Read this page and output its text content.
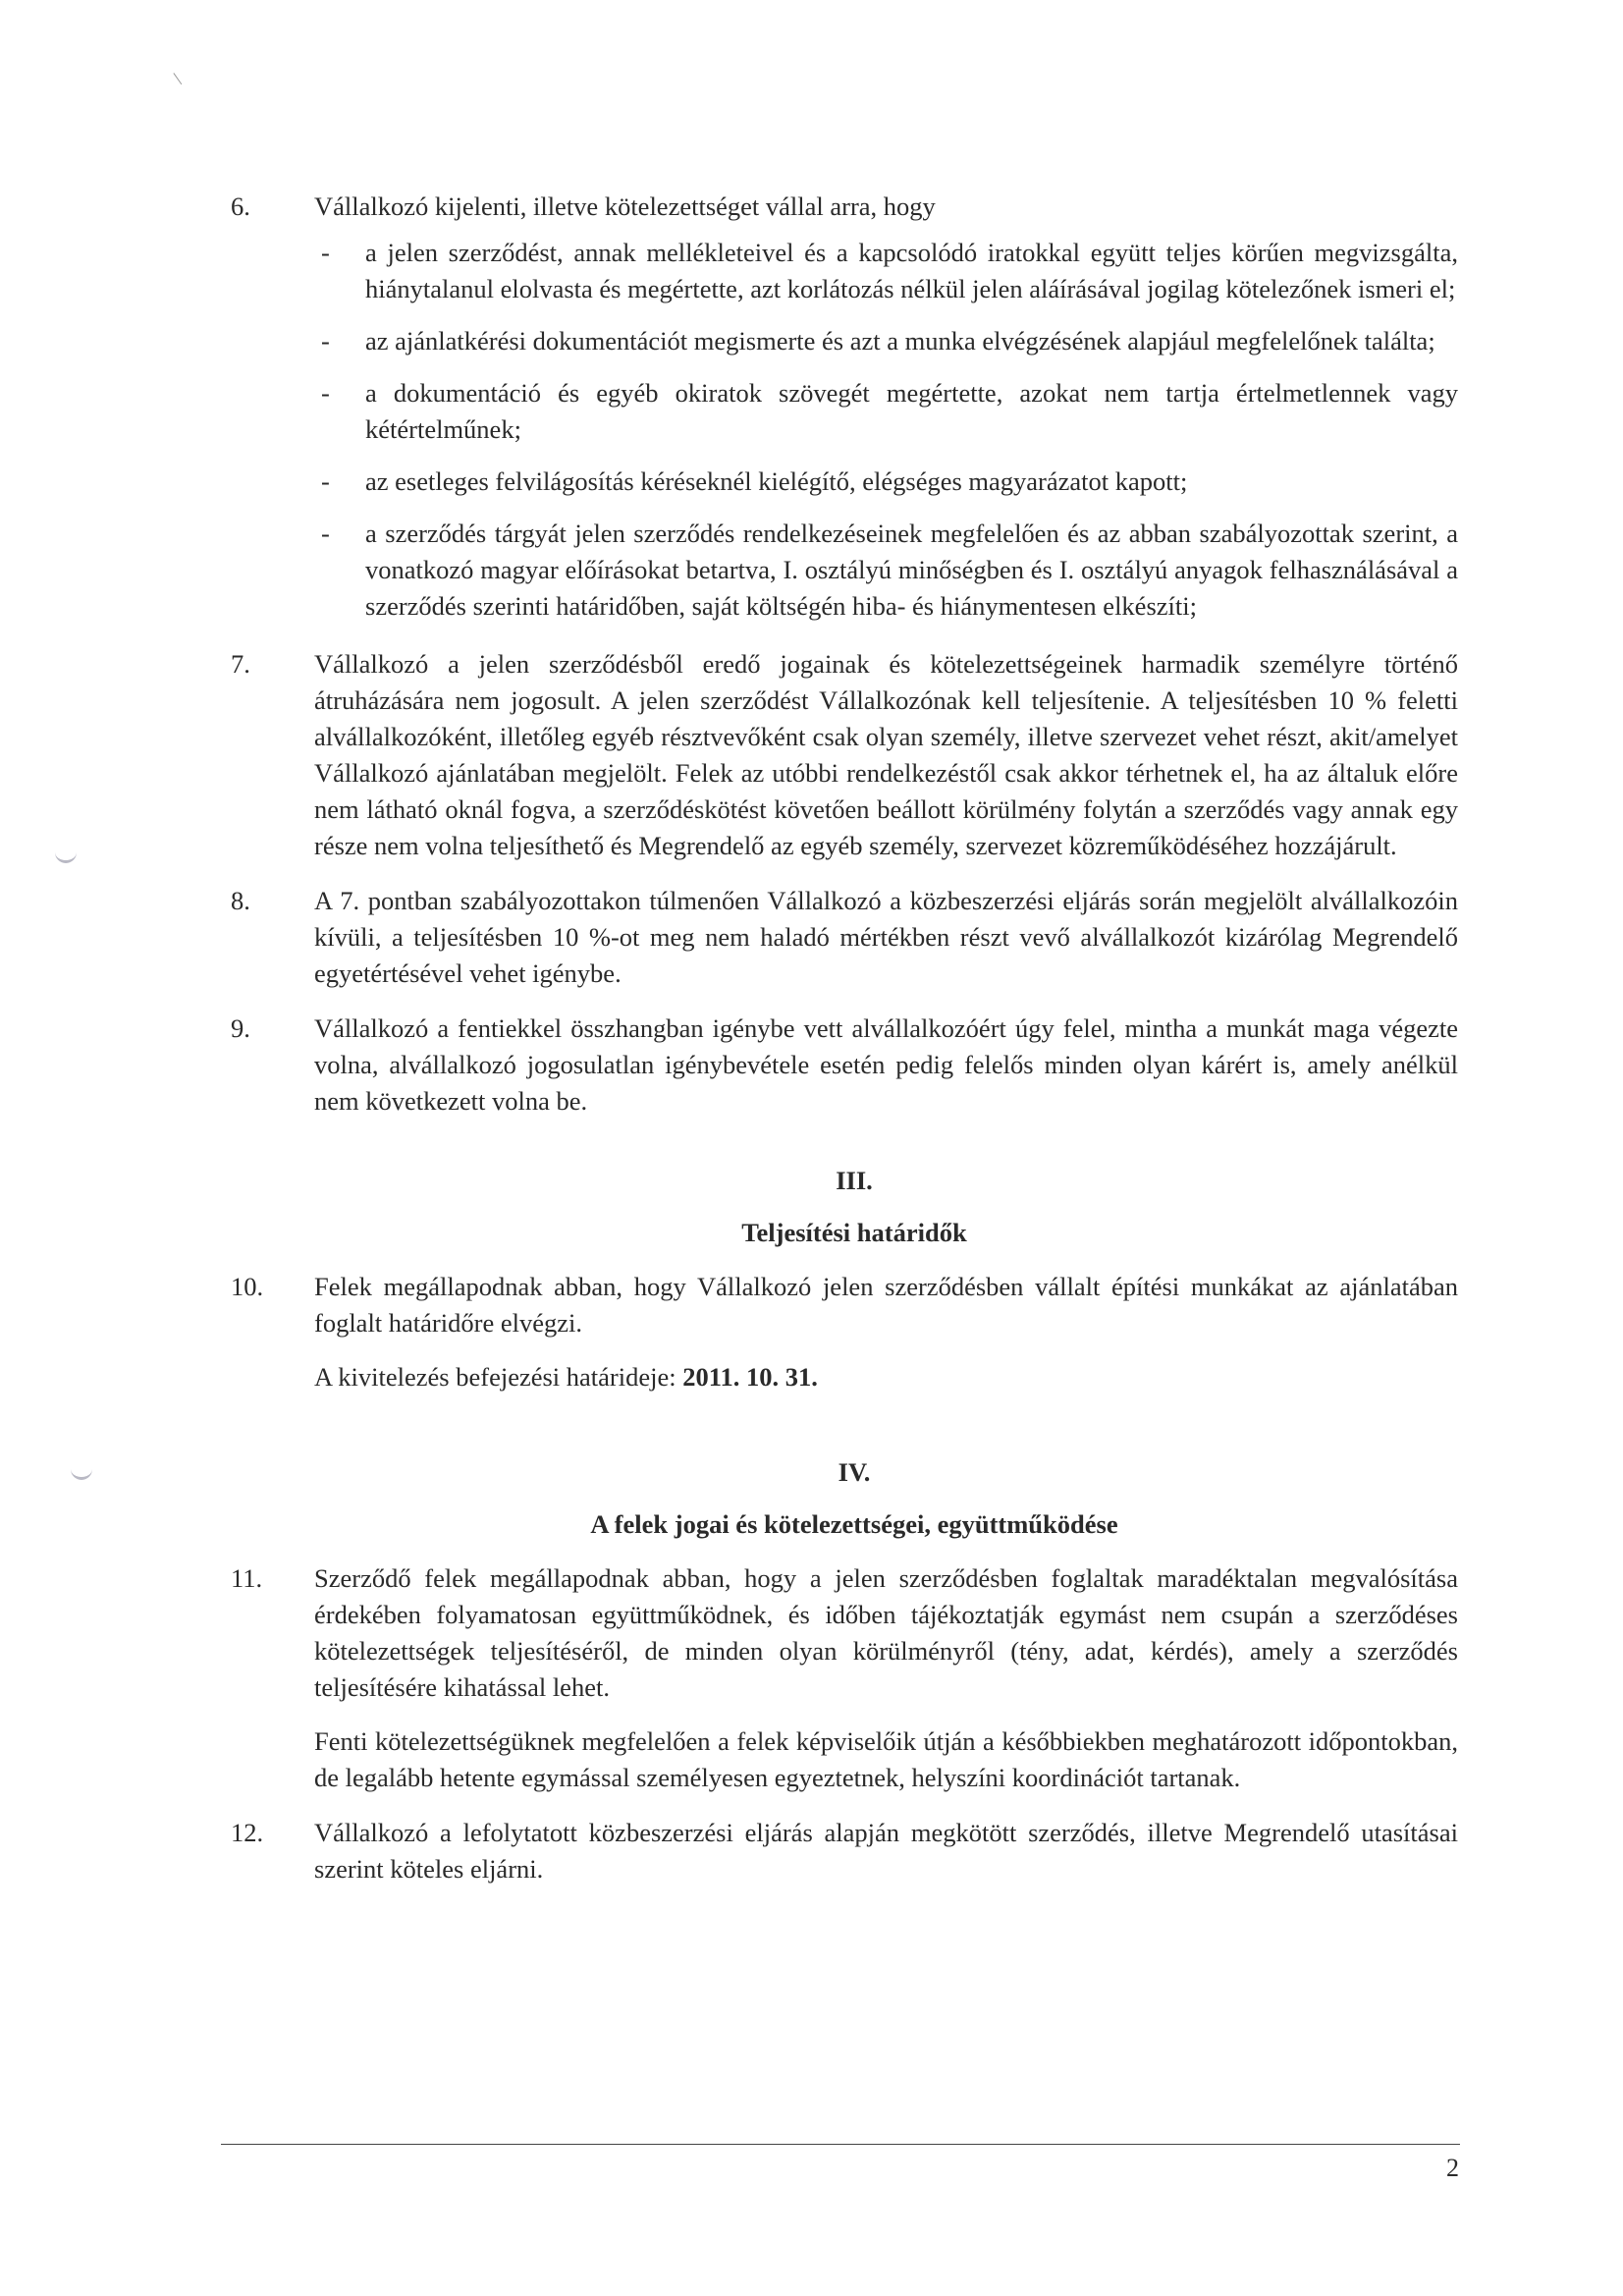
6. Vállalkozó kijelenti, illetve kötelezettséget vállal arra, hogy
- a jelen szerződést, annak mellékleteivel és a kapcsolódó iratokkal együtt teljes körűen megvizsgálta, hiánytalanul elolvasta és megértette, azt korlátozás nélkül jelen aláírásával jogilag kötelezőnek ismeri el;
- az ajánlatkérési dokumentációt megismerte és azt a munka elvégzésének alapjául megfelelőnek találta;
- a dokumentáció és egyéb okiratok szövegét megértette, azokat nem tartja értelmetlennek vagy kétértelműnek;
- az esetleges felvilágosítás kéréseknél kielégítő, elégséges magyarázatot kapott;
- a szerződés tárgyát jelen szerződés rendelkezéseinek megfelelően és az abban szabályozottak szerint, a vonatkozó magyar előírásokat betartva, I. osztályú minőségben és I. osztályú anyagok felhasználásával a szerződés szerinti határidőben, saját költségén hiba- és hiánymentesen elkészíti;
7. Vállalkozó a jelen szerződésből eredő jogainak és kötelezettségeinek harmadik személyre történő átruházására nem jogosult. A jelen szerződést Vállalkozónak kell teljesítenie. A teljesítésben 10 % feletti alvállalkozóként, illetőleg egyéb résztvevőként csak olyan személy, illetve szervezet vehet részt, akit/amelyet Vállalkozó ajánlatában megjelölt. Felek az utóbbi rendelkezéstől csak akkor térhetnek el, ha az általuk előre nem látható oknál fogva, a szerződéskötést követően beállott körülmény folytán a szerződés vagy annak egy része nem volna teljesíthető és Megrendelő az egyéb személy, szervezet közreműködéséhez hozzájárult.
8. A 7. pontban szabályozottakon túlmenően Vállalkozó a közbeszerzési eljárás során megjelölt alvállalkozóin kívüli, a teljesítésben 10 %-ot meg nem haladó mértékben részt vevő alvállalkozót kizárólag Megrendelő egyetértésével vehet igénybe.
9. Vállalkozó a fentiekkel összhangban igénybe vett alvállalkozóért úgy felel, mintha a munkát maga végezte volna, alvállalkozó jogosulatlan igénybevétele esetén pedig felelős minden olyan kárért is, amely anélkül nem következett volna be.
III.
Teljesítési határidők
10. Felek megállapodnak abban, hogy Vállalkozó jelen szerződésben vállalt építési munkákat az ajánlatában foglalt határidőre elvégzi.
A kivitelezés befejezési határideje: 2011. 10. 31.
IV.
A felek jogai és kötelezettségei, együttműködése
11. Szerződő felek megállapodnak abban, hogy a jelen szerződésben foglaltak maradéktalan megvalósítása érdekében folyamatosan együttműködnek, és időben tájékoztatják egymást nem csupán a szerződéses kötelezettségek teljesítéséről, de minden olyan körülményről (tény, adat, kérdés), amely a szerződés teljesítésére kihatással lehet.
Fenti kötelezettségüknek megfelelően a felek képviselőik útján a későbbiekben meghatározott időpontokban, de legalább hetente egymással személyesen egyeztetnek, helyszíni koordinációt tartanak.
12. Vállalkozó a lefolytatott közbeszerzési eljárás alapján megkötött szerződés, illetve Megrendelő utasításai szerint köteles eljárni.
2
